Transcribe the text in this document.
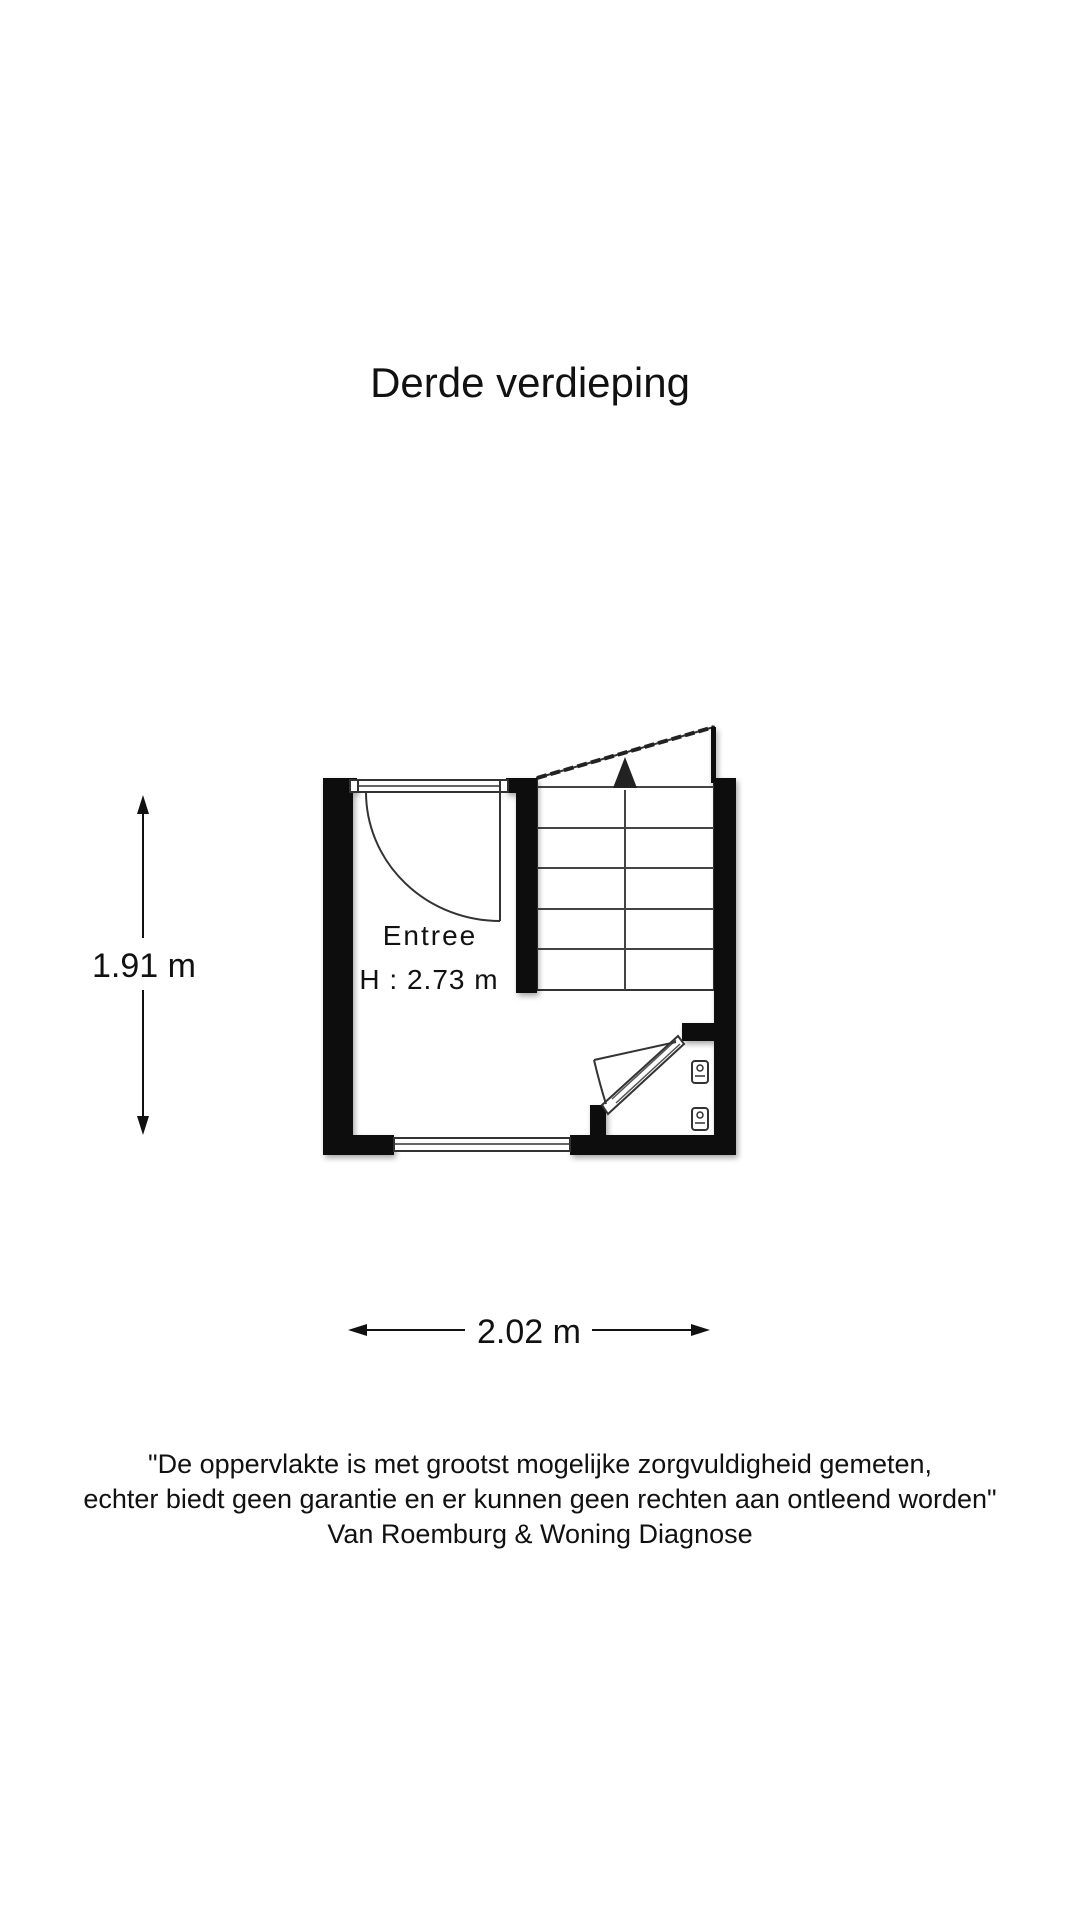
Derde verdieping
1.91 m
2.02 m
Entree
H : 2.73 m
"De oppervlakte is met grootst mogelijke zorgvuldigheid gemeten,
echter biedt geen garantie en er kunnen geen rechten aan ontleend worden"
Van Roemburg & Woning Diagnose
